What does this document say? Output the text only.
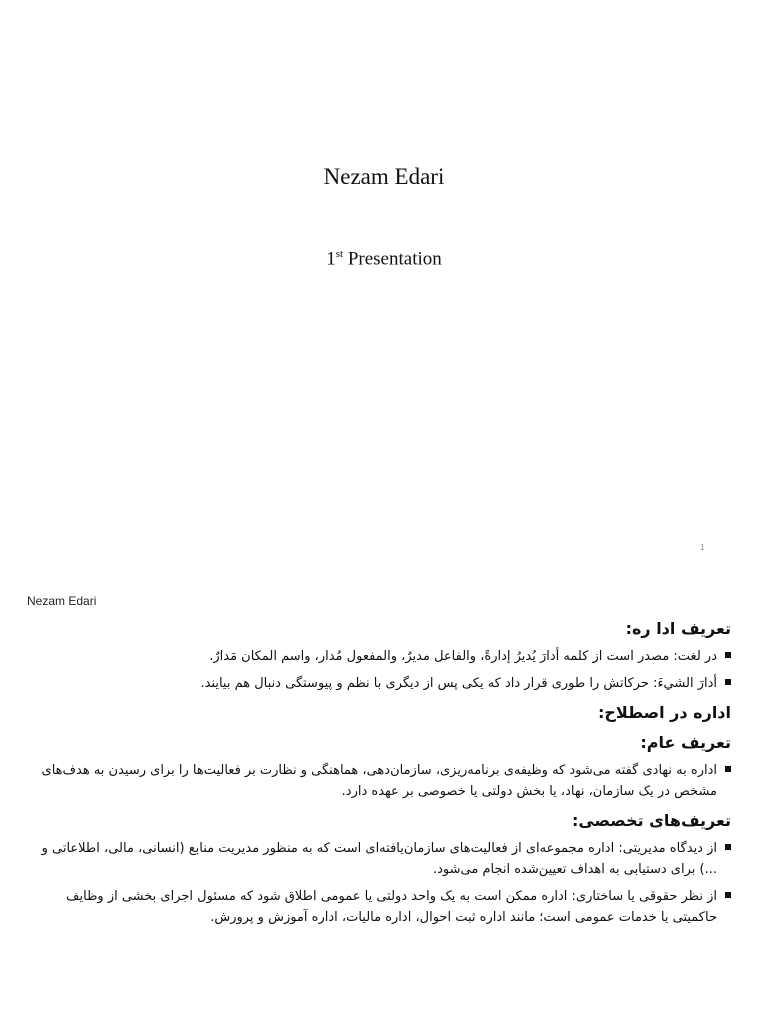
Nezam Edari
1st Presentation
1
Nezam Edari
تعریف ادا ره:
در لغت: مصدر است از کلمه أدارَ یُدیرُ إدارةً، والفاعل مدیرٌ، والمفعول مُدار، واسم المکان مَدارٌ.
أدارَ الشيءَ: حرکاتش را طوری قرار داد که یکی پس از دیگری با نظم و پیوستگی دنبال هم بیایند.
اداره در اصطلاح:
تعریف عام:
اداره به نهادی گفته می‌شود که وظیفه‌ی برنامه‌ریزی، سازمان‌دهی، هماهنگی و نظارت بر فعالیت‌ها را برای رسیدن به هدف‌های مشخص در یک سازمان، نهاد، یا بخش دولتی یا خصوصی بر عهده دارد.
تعریف‌های تخصصی:
از دیدگاه مدیریتی: اداره مجموعه‌ای از فعالیت‌های سازمان‌یافته‌ای است که به منظور مدیریت منابع (انسانی، مالی، اطلاعاتی و ...) برای دستیابی به اهداف تعیین‌شده انجام می‌شود.
از نظر حقوقی یا ساختاری: اداره ممکن است به یک واحد دولتی یا عمومی اطلاق شود که مسئول اجرای بخشی از وظایف حاکمیتی یا خدمات عمومی است؛ مانند اداره ثبت احوال، اداره مالیات، اداره آموزش و پرورش.
